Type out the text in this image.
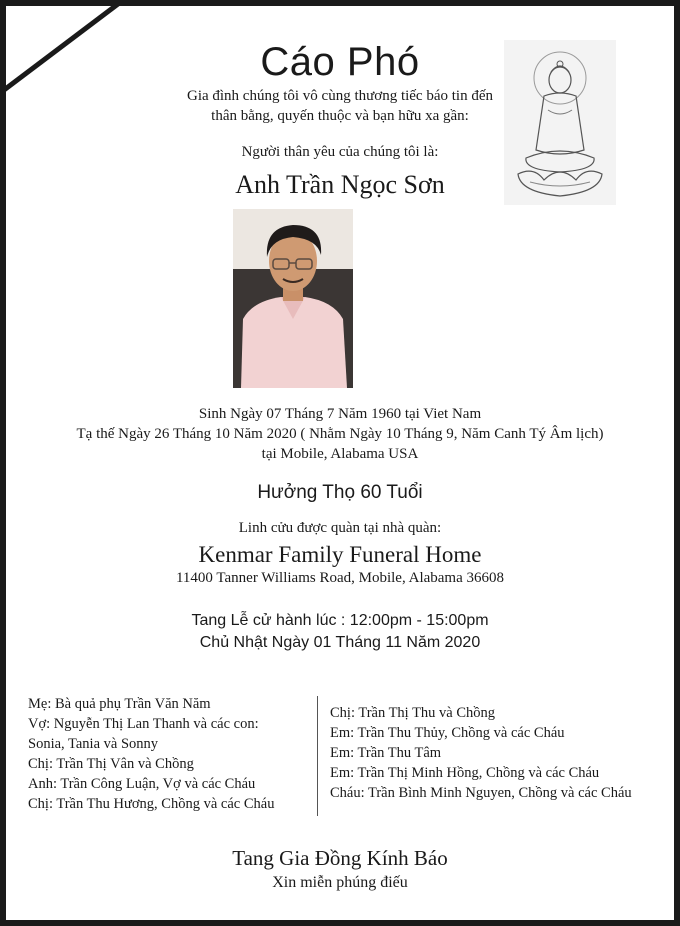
Cáo Phó
Gia đình chúng tôi vô cùng thương tiếc báo tin đến
thân bằng, quyến thuộc và bạn hữu xa gần:
Người thân yêu của chúng tôi là:
Anh Trần Ngọc Sơn
Sinh Ngày 07 Tháng 7 Năm 1960 tại Viet Nam
Tạ thế Ngày 26 Tháng 10 Năm 2020 ( Nhằm Ngày 10 Tháng 9, Năm Canh Tý Âm lịch)
tại Mobile, Alabama USA
Hưởng Thọ 60 Tuổi
Linh cửu được quàn tại nhà quàn:
Kenmar Family Funeral Home
11400 Tanner Williams Road, Mobile, Alabama 36608
Tang Lễ cử hành lúc : 12:00pm - 15:00pm
Chủ Nhật Ngày 01 Tháng 11 Năm 2020
Mẹ: Bà quả phụ Trần Văn Năm
Vợ: Nguyễn Thị Lan Thanh và các con:
Sonia, Tania và Sonny
Chị: Trần Thị Vân và Chồng
Anh: Trần Công Luận, Vợ và các Cháu
Chị: Trần Thu Hương, Chồng và các Cháu
Chị: Trần Thị Thu và Chồng
Em: Trần Thu Thủy, Chồng và các Cháu
Em: Trần Thu Tâm
Em: Trần Thị Minh Hồng, Chồng và các Cháu
Cháu: Trần Bình Minh Nguyen, Chồng và các Cháu
Tang Gia Đồng Kính Báo
Xin miễn phúng điếu
